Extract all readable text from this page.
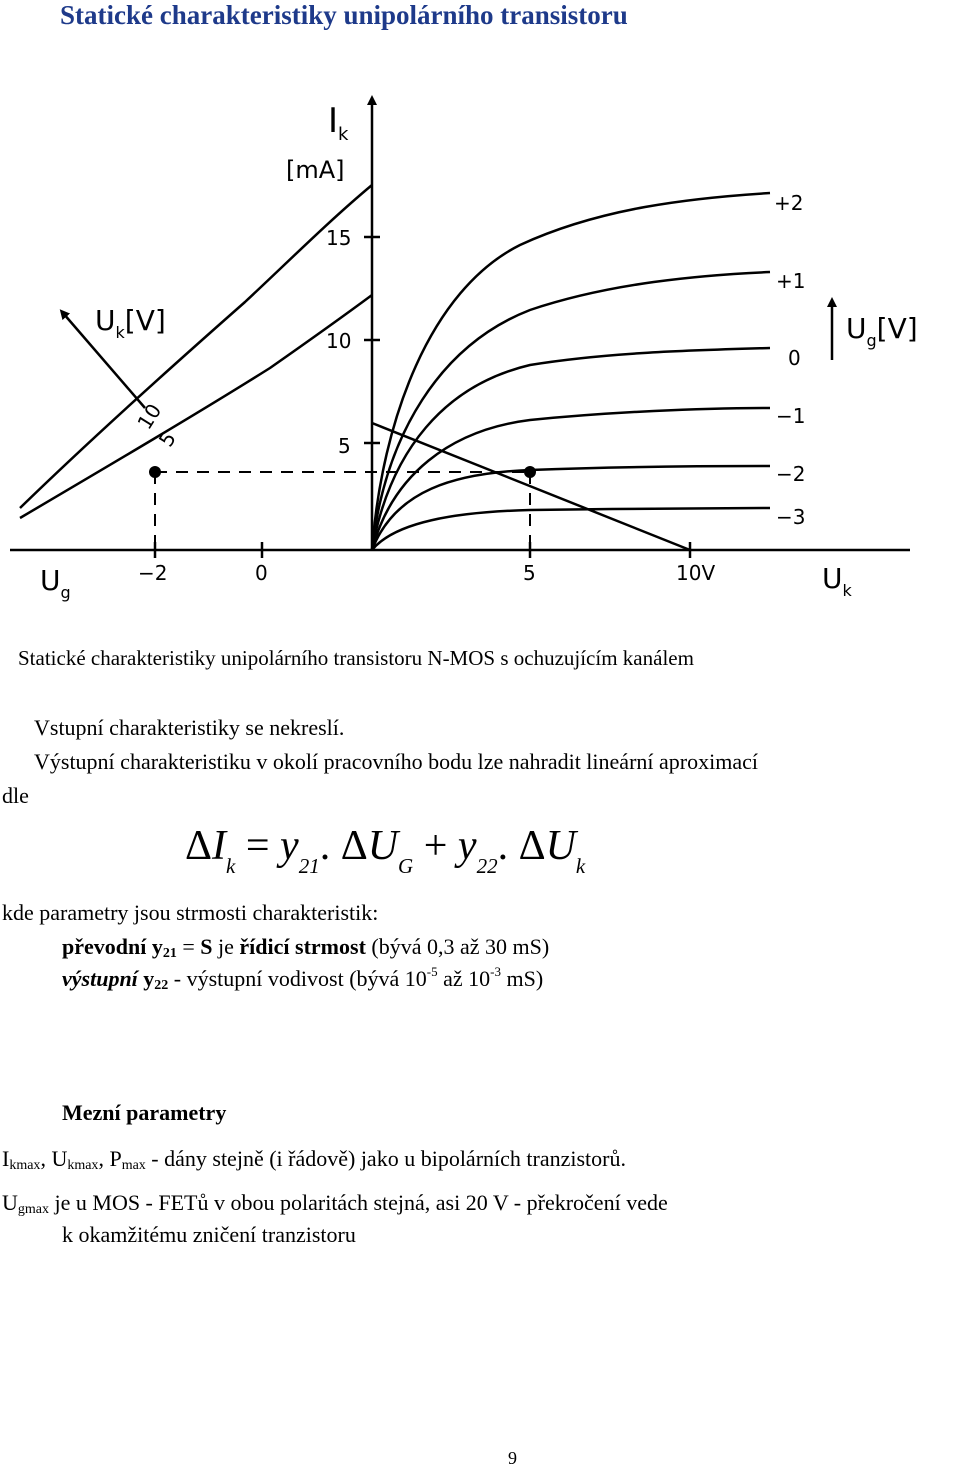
Statické charakteristiky unipolárního transistoru
$I_k$
[mA]
15
10
5
0	5	10V
−2	$U_k$
$U_g$
$U_k[V]$
10
5
$U_g[V]$
+2
+1
0
−1
−2
−3
Statické charakteristiky unipolárního transistoru N-MOS s ochuzujícím kanálem
Vstupní charakteristiky se nekreslí.
Výstupní charakteristiku v okolí pracovního bodu lze nahradit lineární aproximací
dle
$\Delta I_k = y_{21}$. $\Delta U_G + y_{22}$. $\Delta U_k$
kde parametry jsou strmosti charakteristik:
převodní y21 = S je řídicí strmost (bývá 0,3 až 30 mS)
výstupní y22 - výstupní vodivost (bývá $10^{-5}$ až $10^{-3}$ mS)
Mezní parametry
Ikmax, Ukmax, Pmax - dány stejně (i řádově) jako u bipolárních tranzistorů.
Ugmax je u MOS - FETů v obou polaritách stejná, asi 20 V - překročení vede
k okamžitému zničení tranzistoru
9
